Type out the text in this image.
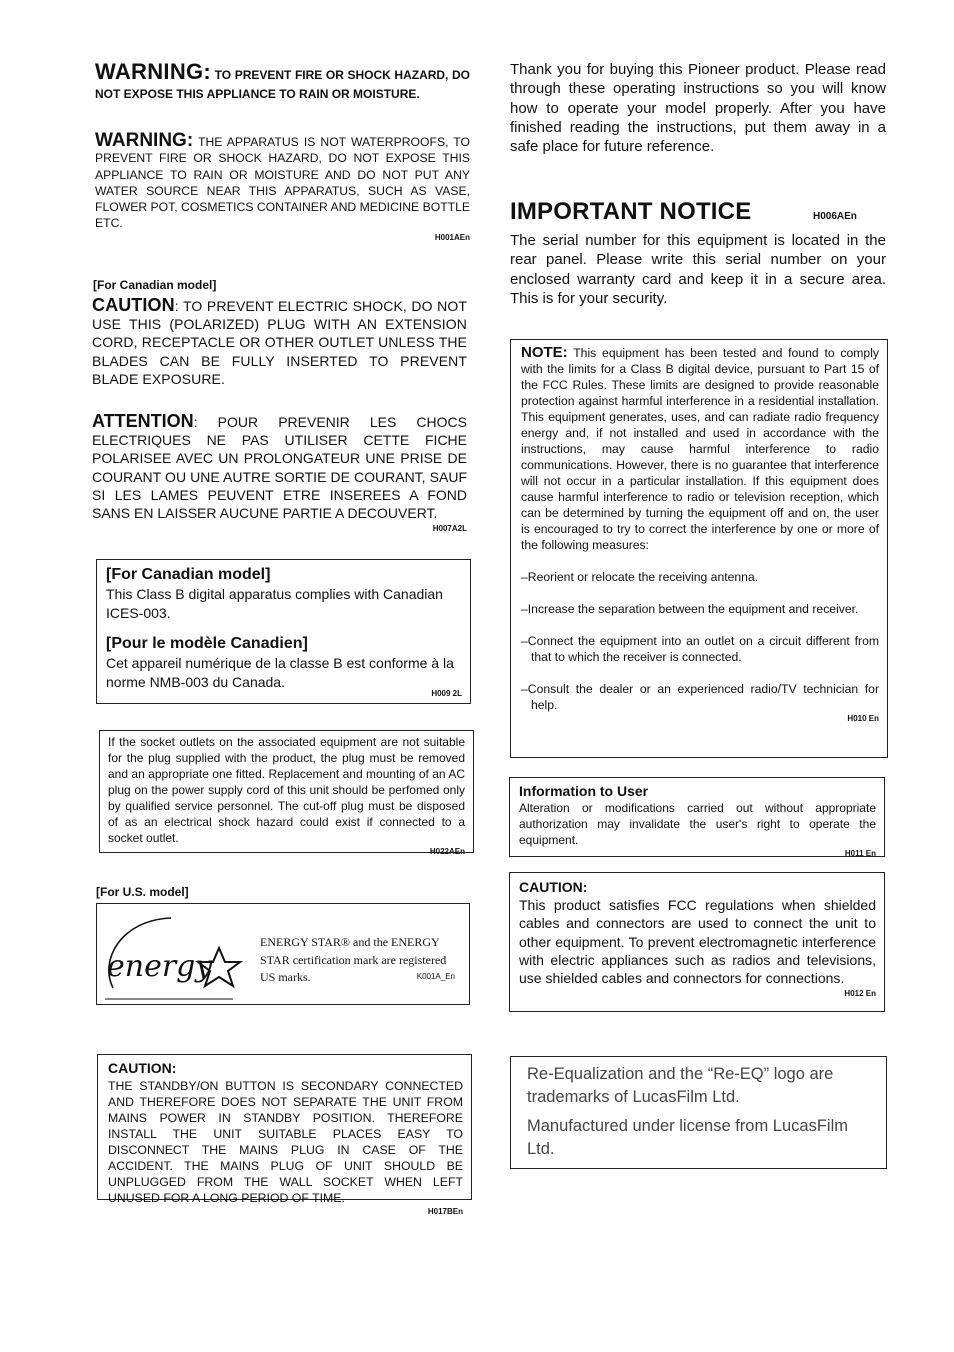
WARNING: TO PREVENT FIRE OR SHOCK HAZARD, DO NOT EXPOSE THIS APPLIANCE TO RAIN OR MOISTURE.
WARNING: THE APPARATUS IS NOT WATERPROOFS, TO PREVENT FIRE OR SHOCK HAZARD, DO NOT EXPOSE THIS APPLIANCE TO RAIN OR MOISTURE AND DO NOT PUT ANY WATER SOURCE NEAR THIS APPARATUS, SUCH AS VASE, FLOWER POT, COSMETICS CONTAINER AND MEDICINE BOTTLE ETC.
H001AEn
[For Canadian model]
CAUTION: TO PREVENT ELECTRIC SHOCK, DO NOT USE THIS (POLARIZED) PLUG WITH AN EXTENSION CORD, RECEPTACLE OR OTHER OUTLET UNLESS THE BLADES CAN BE FULLY INSERTED TO PREVENT BLADE EXPOSURE.
ATTENTION: POUR PREVENIR LES CHOCS ELECTRIQUES NE PAS UTILISER CETTE FICHE POLARISEE AVEC UN PROLONGATEUR UNE PRISE DE COURANT OU UNE AUTRE SORTIE DE COURANT, SAUF SI LES LAMES PEUVENT ETRE INSEREES A FOND SANS EN LAISSER AUCUNE PARTIE A DECOUVERT.
H007A2L

[For Canadian model]

This Class B digital apparatus complies with Canadian ICES-003.

[Pour le modèle Canadien]

Cet appareil numérique de la classe B est conforme à la norme NMB-003 du Canada.

H009 2L
If the socket outlets on the associated equipment are not suitable for the plug supplied with the product, the plug must be removed and an appropriate one fitted. Replacement and mounting of an AC plug on the power supply cord of this unit should be perfomed only by qualified service personnel. The cut-off plug must be disposed of as an electrical shock hazard could exist if connected to a socket outlet.
H022AEn
[For U.S. model]
energy
ENERGY STAR® and the ENERGY STAR certification mark are registered US marks.	K001A_En
CAUTION:
THE STANDBY/ON BUTTON IS SECONDARY CONNECTED AND THEREFORE DOES NOT SEPARATE THE UNIT FROM MAINS POWER IN STANDBY POSITION. THEREFORE INSTALL THE UNIT SUITABLE PLACES EASY TO DISCONNECT THE MAINS PLUG IN CASE OF THE ACCIDENT. THE MAINS PLUG OF UNIT SHOULD BE UNPLUGGED FROM THE WALL SOCKET WHEN LEFT UNUSED FOR A LONG PERIOD OF TIME.
H017BEn
Thank you for buying this Pioneer product. Please read through these operating instructions so you will know how to operate your model properly. After you have finished reading the instructions, put them away in a safe place for future reference.
IMPORTANT NOTICE	H006AEn
The serial number for this equipment is located in the rear panel. Please write this serial number on your enclosed warranty card and keep it in a secure area. This is for your security.

NOTE: This equipment has been tested and found to comply with the limits for a Class B digital device, pursuant to Part 15 of the FCC Rules. These limits are designed to provide reasonable protection against harmful interference in a residential installation. This equipment generates, uses, and can radiate radio frequency energy and, if not installed and used in accordance with the instructions, may cause harmful interference to radio communications. However, there is no guarantee that interference will not occur in a particular installation. If this equipment does cause harmful interference to radio or television reception, which can be determined by turning the equipment off and on, the user is encouraged to try to correct the interference by one or more of the following measures:

–Reorient or relocate the receiving antenna.

–Increase the separation between the equipment and receiver.

–Connect the equipment into an outlet on a circuit different from that to which the receiver is connected.

–Consult the dealer or an experienced radio/TV technician for help.

H010 En
Information to User
Alteration or modifications carried out without appropriate authorization may invalidate the user's right to operate the equipment.
H011 En
CAUTION:
This product satisfies FCC regulations when shielded cables and connectors are used to connect the unit to other equipment. To prevent electromagnetic interference with electric appliances such as radios and televisions, use shielded cables and connectors for connections.
H012 En

Re-Equalization and the “Re-EQ” logo are trademarks of LucasFilm Ltd.

Manufactured under license from LucasFilm Ltd.
